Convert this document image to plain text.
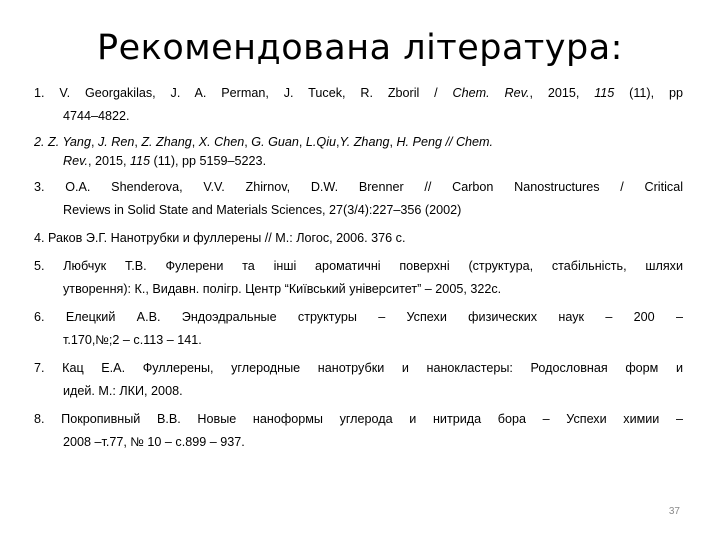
Рекомендована література:
1. V. Georgakilas, J. A. Perman, J. Tucek, R. Zboril / Chem. Rev., 2015, 115 (11), pp
4744–4822.
2. Z. Yang, J. Ren, Z. Zhang, X. Chen, G. Guan, L.Qiu,Y. Zhang, H. Peng // Chem.
Rev., 2015, 115 (11), pp 5159–5223.
3. O.A. Shenderova, V.V. Zhirnov, D.W. Brenner // Carbon Nanostructures / Critical
Reviews in Solid State and Materials Sciences, 27(3/4):227–356 (2002)
4. Раков Э.Г. Нанотрубки и фуллерены // М.: Логос, 2006. 376 с.
5. Любчук Т.В. Фулерени та інші ароматичні поверхні (структура, стабільність, шляхи
утворення): К., Видавн. полігр. Центр “Київський університет” – 2005, 322с.
6. Елецкий А.В. Эндоэдральные структуры – Успехи физических наук – 200 –
т.170,№;2 – с.113 – 141.
7. Кац Е.А. Фуллерены, углеродные нанотрубки и нанокластеры: Родословная форм и
идей. М.: ЛКИ, 2008.
8. Покропивный В.В. Новые наноформы углерода и нитрида бора – Успехи химии –
2008 –т.77, № 10 – с.899 – 937.
37
